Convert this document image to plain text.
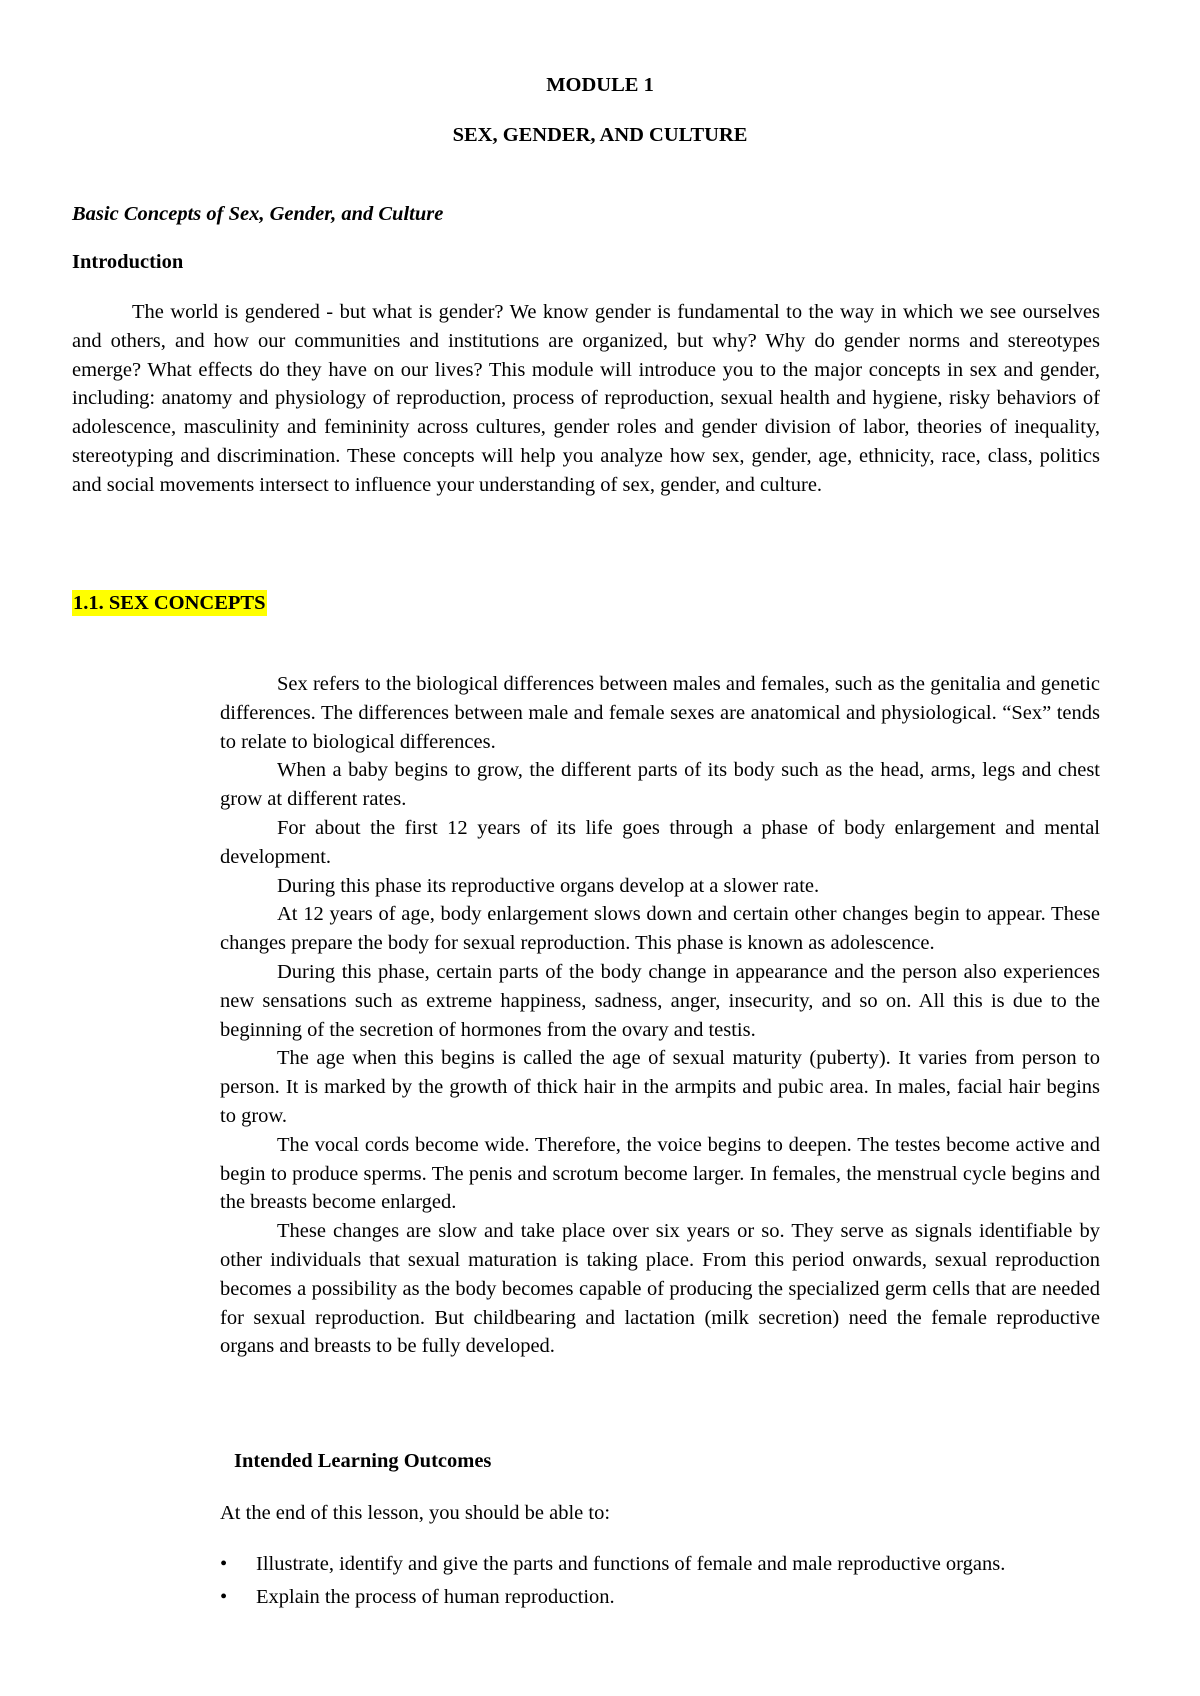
MODULE 1

SEX, GENDER, AND CULTURE

Basic Concepts of Sex, Gender, and Culture

Introduction

The world is gendered - but what is gender? We know gender is fundamental to the way in which we see ourselves and others, and how our communities and institutions are organized, but why? Why do gender norms and stereotypes emerge? What effects do they have on our lives? This module will introduce you to the major concepts in sex and gender, including: anatomy and physiology of reproduction, process of reproduction, sexual health and hygiene, risky behaviors of adolescence, masculinity and femininity across cultures, gender roles and gender division of labor, theories of inequality, stereotyping and discrimination. These concepts will help you analyze how sex, gender, age, ethnicity, race, class, politics and social movements intersect to influence your understanding of sex, gender, and culture.

1.1. SEX CONCEPTS

Sex refers to the biological differences between males and females, such as the genitalia and genetic differences. The differences between male and female sexes are anatomical and physiological. “Sex” tends to relate to biological differences.

When a baby begins to grow, the different parts of its body such as the head, arms, legs and chest grow at different rates.

For about the first 12 years of its life goes through a phase of body enlargement and mental development.

During this phase its reproductive organs develop at a slower rate.

At 12 years of age, body enlargement slows down and certain other changes begin to appear. These changes prepare the body for sexual reproduction. This phase is known as adolescence.

During this phase, certain parts of the body change in appearance and the person also experiences new sensations such as extreme happiness, sadness, anger, insecurity, and so on. All this is due to the beginning of the secretion of hormones from the ovary and testis.

The age when this begins is called the age of sexual maturity (puberty). It varies from person to person. It is marked by the growth of thick hair in the armpits and pubic area. In males, facial hair begins to grow.

The vocal cords become wide. Therefore, the voice begins to deepen. The testes become active and begin to produce sperms. The penis and scrotum become larger. In females, the menstrual cycle begins and the breasts become enlarged.

These changes are slow and take place over six years or so. They serve as signals identifiable by other individuals that sexual maturation is taking place. From this period onwards, sexual reproduction becomes a possibility as the body becomes capable of producing the specialized germ cells that are needed for sexual reproduction. But childbearing and lactation (milk secretion) need the female reproductive organs and breasts to be fully developed.

Intended Learning Outcomes

At the end of this lesson, you should be able to:

• Illustrate, identify and give the parts and functions of female and male reproductive organs.
• Explain the process of human reproduction.
